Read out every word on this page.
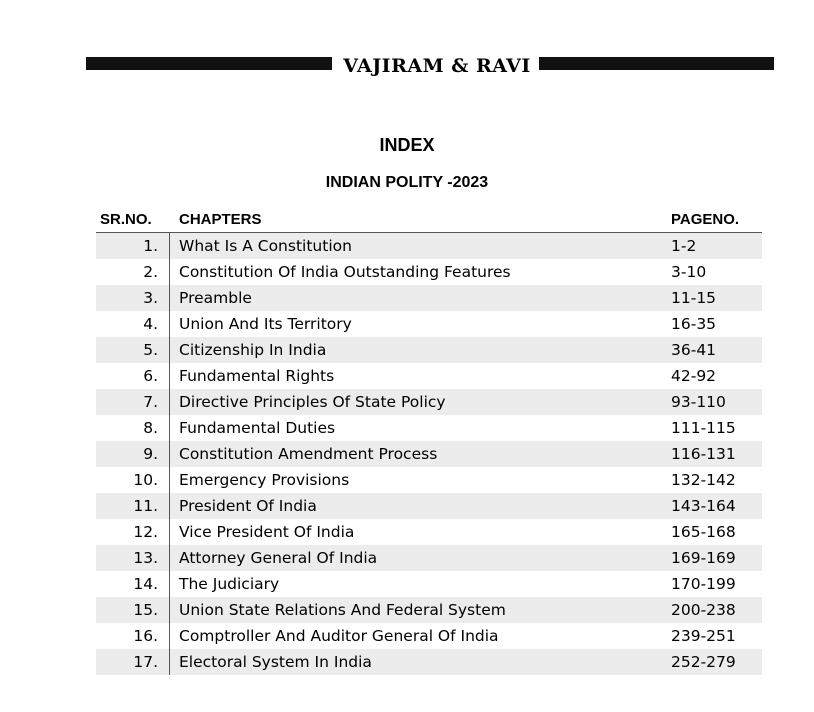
VAJIRAM & RAVI
INDEX
INDIAN POLITY -2023
SR.NO. CHAPTERS	PAGENO.
1. What Is A Constitution	1-2
2. Constitution Of India Outstanding Features	3-10
3. Preamble	11-15
4. Union And Its Territory	16-35
5. Citizenship In India	36-41
6. Fundamental Rights	42-92
7. Directive Principles Of State Policy	93-110
8. Fundamental Duties	111-115
9. Constitution Amendment Process	116-131
10. Emergency Provisions	132-142
11. President Of India	143-164
12. Vice President Of India	165-168
13. Attorney General Of India	169-169
14. The Judiciary	170-199
15. Union State Relations And Federal System	200-238
16. Comptroller And Auditor General Of India	239-251
17. Electoral System In India	252-279
